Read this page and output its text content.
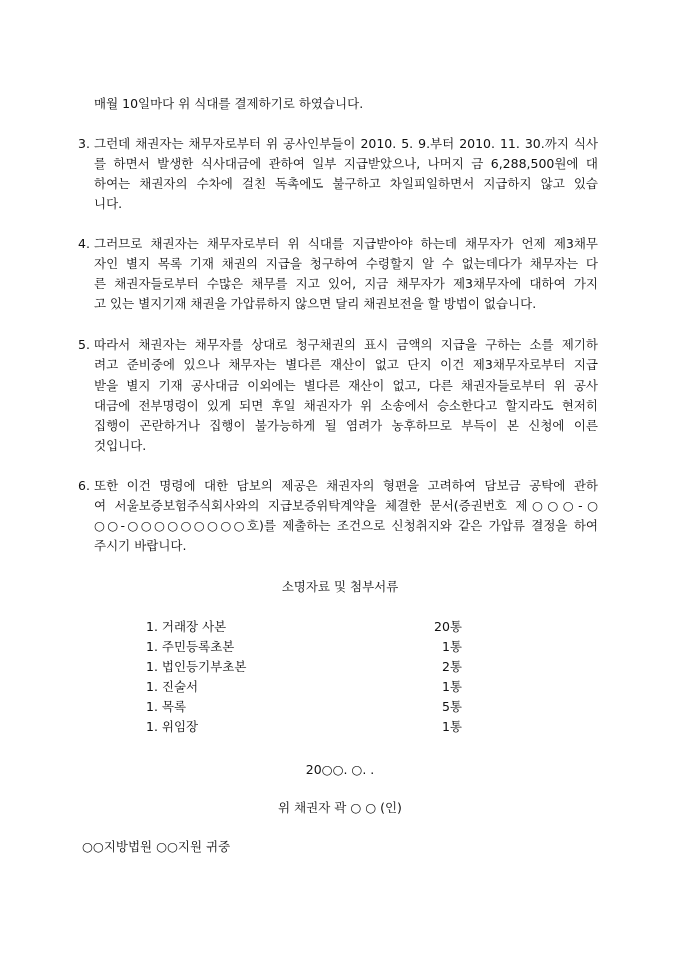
매월 10일마다 위 식대를 결제하기로 하였습니다.
3. 그런데 채권자는 채무자로부터 위 공사인부들이 2010. 5. 9.부터 2010. 11. 30.까지 식사
를 하면서 발생한 식사대금에 관하여 일부 지급받았으나, 나머지 금 6,288,500원에 대
하여는 채권자의 수차에 걸친 독촉에도 불구하고 차일피일하면서 지급하지 않고 있습
니다.
4. 그러므로 채권자는 채무자로부터 위 식대를 지급받아야 하는데 채무자가 언제 제3채무
자인 별지 목록 기재 채권의 지급을 청구하여 수령할지 알 수 없는데다가 채무자는 다
른 채권자들로부터 수많은 채무를 지고 있어, 지금 채무자가 제3채무자에 대하여 가지
고 있는 별지기재 채권을 가압류하지 않으면 달리 채권보전을 할 방법이 없습니다.
5. 따라서 채권자는 채무자를 상대로 청구채권의 표시 금액의 지급을 구하는 소를 제기하
려고 준비중에 있으나 채무자는 별다른 재산이 없고 단지 이건 제3채무자로부터 지급
받을 별지 기재 공사대금 이외에는 별다른 재산이 없고, 다른 채권자들로부터 위 공사
대금에 전부명령이 있게 되면 후일 채권자가 위 소송에서 승소한다고 할지라도 현저히
집행이 곤란하거나 집행이 불가능하게 될 염려가 농후하므로 부득이 본 신청에 이른
것입니다.
6. 또한 이건 명령에 대한 담보의 제공은 채권자의 형편을 고려하여 담보금 공탁에 관하
여 서울보증보험주식회사와의 지급보증위탁계약을 체결한 문서(증권번호 제○○○-○
○○-○○○○○○○○○호)를 제출하는 조건으로 신청취지와 같은 가압류 결정을 하여
주시기 바랍니다.
소명자료 및 첨부서류
1. 거래장 사본	20통
1. 주민등록초본	1통
1. 법인등기부초본	2통
1. 진술서	1통
1. 목록	5통
1. 위임장	1통
20○○. ○. .
위 채권자 곽 ○ ○ (인)
○○지방법원 ○○지원 귀중
